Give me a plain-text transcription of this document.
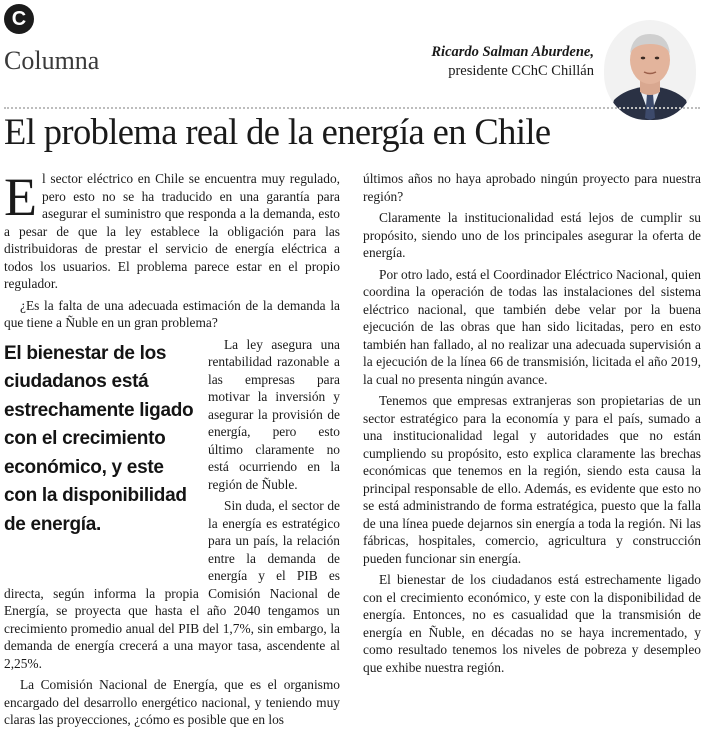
C
Columna	Ricardo Salman Aburdene,
presidente CChC Chillán
El problema real de la energía en Chile

El sector eléctrico en Chile se encuentra muy regulado, pero esto no se ha traducido en una garantía para asegurar el suministro que responda a la demanda, esto a pesar de que la ley establece la obligación para las distribuidoras de prestar el servicio de energía eléctrica a todos los usuarios. El problema parece estar en el propio regulador.

¿Es la falta de una adecuada estimación de la demanda la que tiene a Ñuble en un gran problema?

El bienestar de los ciudadanos está estrechamente ligado con el crecimiento económico, y este con la disponibilidad de energía.

La ley asegura una rentabilidad razonable a las empresas para motivar la inversión y asegurar la provisión de energía, pero esto último claramente no está ocurriendo en la región de Ñuble.

Sin duda, el sector de la energía es estratégico para un país, la relación entre la demanda de energía y el PIB es directa, según informa la propia Comisión Nacional de Energía, se proyecta que hasta el año 2040 tengamos un crecimiento promedio anual del PIB del 1,7%, sin embargo, la demanda de energía crecerá a una mayor tasa, ascendente al 2,25%.

La Comisión Nacional de Energía, que es el organismo encargado del desarrollo energético nacional, y teniendo muy claras las proyecciones, ¿cómo es posible que en los

últimos años no haya aprobado ningún proyecto para nuestra región?

Claramente la institucionalidad está lejos de cumplir su propósito, siendo uno de los principales asegurar la oferta de energía.

Por otro lado, está el Coordinador Eléctrico Nacional, quien coordina la operación de todas las instalaciones del sistema eléctrico nacional, que también debe velar por la buena ejecución de las obras que han sido licitadas, pero en esto también han fallado, al no realizar una adecuada supervisión a la ejecución de la línea 66 de transmisión, licitada el año 2019, la cual no presenta ningún avance.

Tenemos que empresas extranjeras son propietarias de un sector estratégico para la economía y para el país, sumado a una institucionalidad legal y autoridades que no están cumpliendo su propósito, esto explica claramente las brechas económicas que tenemos en la región, siendo esta causa la principal responsable de ello. Además, es evidente que esto no se está administrando de forma estratégica, puesto que la falla de una línea puede dejarnos sin energía a toda la región. Ni las fábricas, hospitales, comercio, agricultura y construcción pueden funcionar sin energía.

El bienestar de los ciudadanos está estrechamente ligado con el crecimiento económico, y este con la disponibilidad de energía. Entonces, no es casualidad que la transmisión de energía en Ñuble, en décadas no se haya incrementado, y como resultado tenemos los niveles de pobreza y desempleo que exhibe nuestra región.
